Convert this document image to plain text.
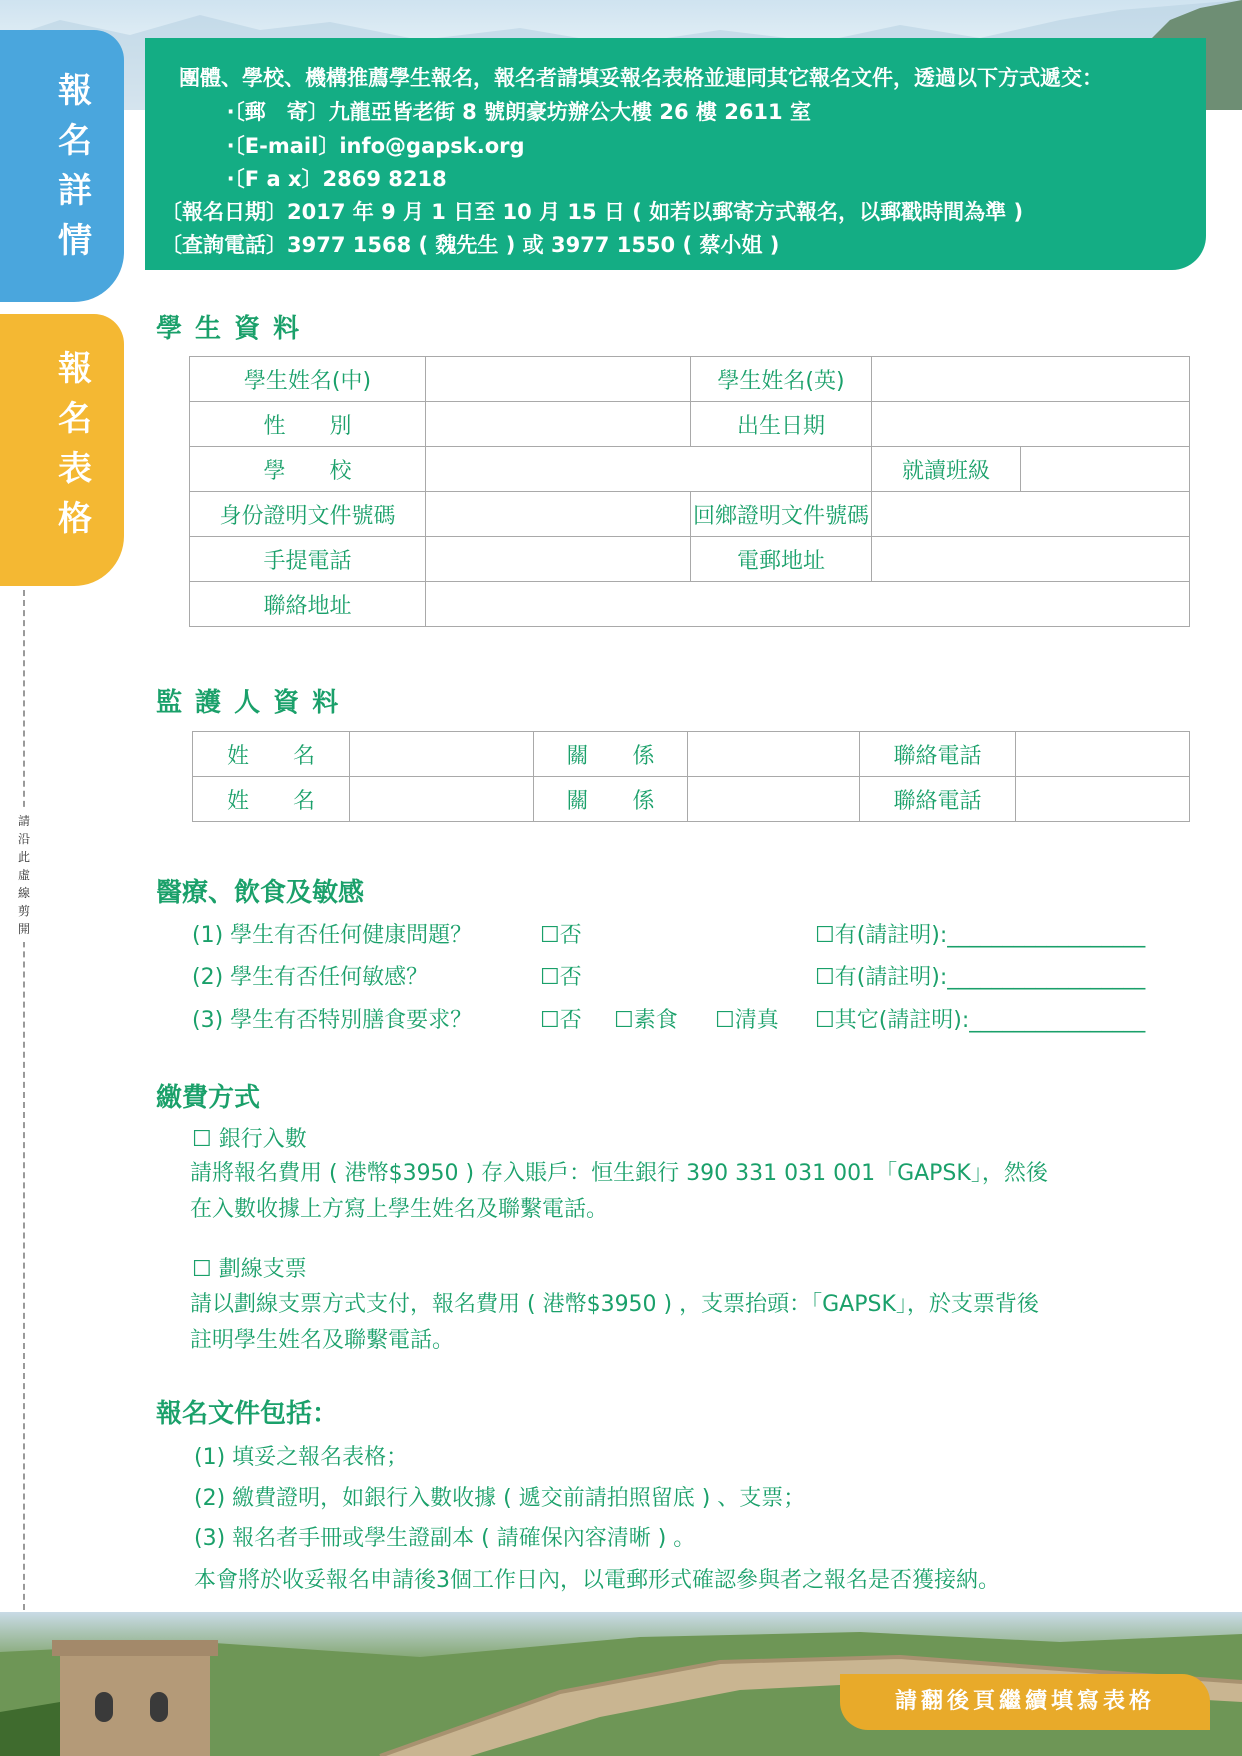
報名詳情
報名表格
請沿此虛線剪開
團體、學校、機構推薦學生報名，報名者請填妥報名表格並連同其它報名文件，透過以下方式遞交：
‧〔郵　寄〕九龍亞皆老街 8 號朗豪坊辦公大樓 26 樓 2611 室
‧〔E-mail〕info@gapsk.org
‧〔F a x〕2869 8218
〔報名日期〕2017 年 9 月 1 日至 10 月 15 日 ( 如若以郵寄方式報名，以郵戳時間為準 )
〔查詢電話〕3977 1568 ( 魏先生 ) 或 3977 1550 ( 蔡小姐 )
學 生 資 料
學生姓名(中)		學生姓名(英)		
性　　別		出生日期		
學　　校			就讀班級	
身份證明文件號碼		回鄉證明文件號碼		
手提電話		電郵地址		
聯絡地址				
監 護 人 資 料
姓　　名		關　　係		聯絡電話	
姓　　名		關　　係		聯絡電話	
醫療、飲食及敏感
(1) 學生有否任何健康問題？	☐否	☐有(請註明):__________________
(2) 學生有否任何敏感？	☐否	☐有(請註明):__________________
(3) 學生有否特別膳食要求？	☐否 ☐素食 ☐清真 ☐其它(請註明):________________
繳費方式
☐ 銀行入數
請將報名費用 ( 港幣$3950 ) 存入賬戶：恒生銀行 390 331 031 001「GAPSK」，然後
在入數收據上方寫上學生姓名及聯繫電話。
☐ 劃線支票
請以劃線支票方式支付，報名費用 ( 港幣$3950 ) ，支票抬頭：「GAPSK」，於支票背後
註明學生姓名及聯繫電話。
報名文件包括：
(1) 填妥之報名表格；
(2) 繳費證明，如銀行入數收據 ( 遞交前請拍照留底 ) 、支票；
(3) 報名者手冊或學生證副本 ( 請確保內容清晰 ) 。
本會將於收妥報名申請後3個工作日內，以電郵形式確認參與者之報名是否獲接納。
請翻後頁繼續填寫表格
